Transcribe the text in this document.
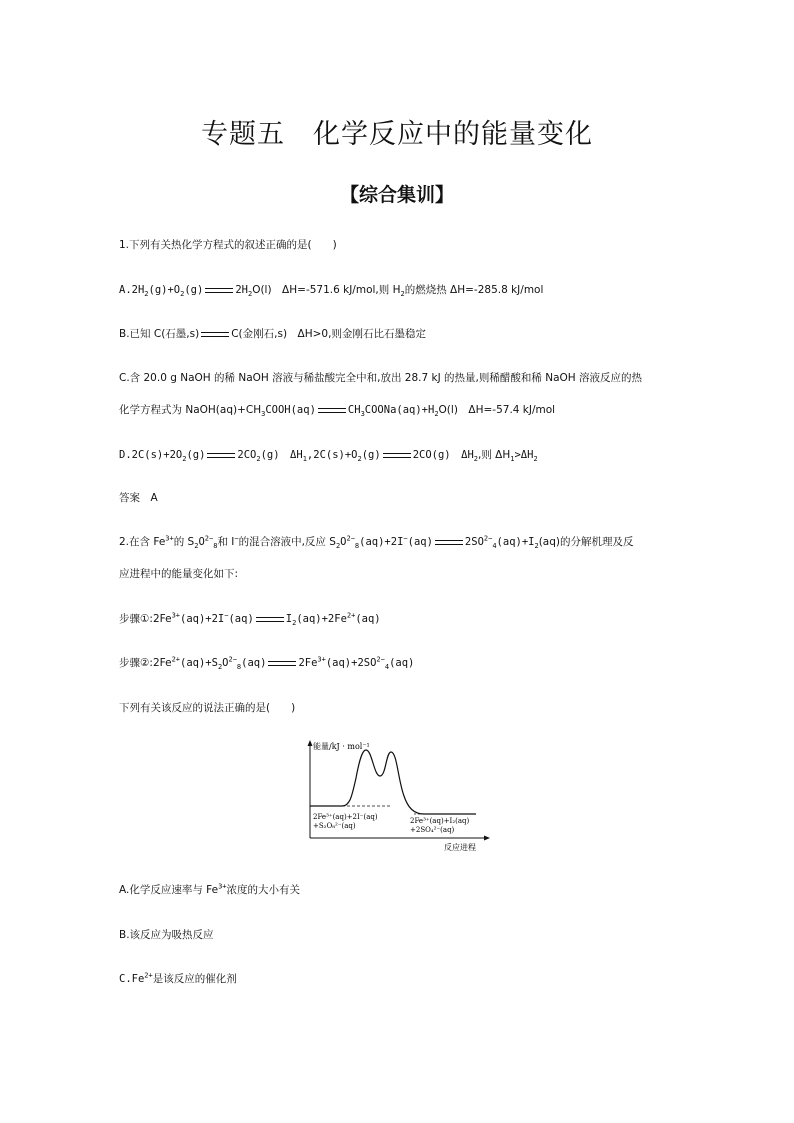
专题五　化学反应中的能量变化
【综合集训】
1.下列有关热化学方程式的叙述正确的是(　　)
$A.2H_2(g)+O_2(g)$	$2H_2O(l)$　ΔH=-571.6 kJ/mol,则 $H_2$的燃烧热 ΔH=-285.8 kJ/mol
B.已知 C(石墨,s)	C(金刚石,s)　ΔH>0,则金刚石比石墨稳定
C.含 20.0 g NaOH 的稀 NaOH 溶液与稀盐酸完全中和,放出 28.7 kJ 的热量,则稀醋酸和稀 NaOH 溶液反应的热
化学方程式为 $NaOH(aq)+CH_3COOH(aq)$	$CH_3COONa(aq)+H_2O(l)$　ΔH=-57.4 kJ/mol
$D.2C(s)+2O_2(g)$	$2CO_2(g)$　$\Delta H_1,2C(s)+O_2(g)$	2CO(g)　$\Delta H_2$,则 $\Delta H_1>\Delta H_2$
答案　A
2.在含 $Fe^{3+}$的 $S_2O^{2-}_8$和 I−的混合溶液中,反应 $S_2O^{2-}_8(aq)+2I^-(aq)$	$2SO^{2-}_4(aq)+I_2(aq)$的分解机理及反
应进程中的能量变化如下:
步骤$①:2Fe^{3+}(aq)+2I^-(aq)$	$I_2(aq)+2Fe^{2+}(aq)$
步骤$②:2Fe^{2+}(aq)+S_2O^{2-}_8(aq)$	$2Fe^{3+}(aq)+2SO^{2-}_4(aq)$
下列有关该反应的说法正确的是(　　)
能量/kJ · mol⁻¹
2Fe³⁺(aq)+2I⁻(aq)
+S₂O₈²⁻(aq)
2Fe³⁺(aq)+I₂(aq)
+2SO₄²⁻(aq)
反应进程
A.化学反应速率与 $Fe^{3+}$浓度的大小有关
B.该反应为吸热反应
$C.Fe^{2+}$是该反应的催化剂
